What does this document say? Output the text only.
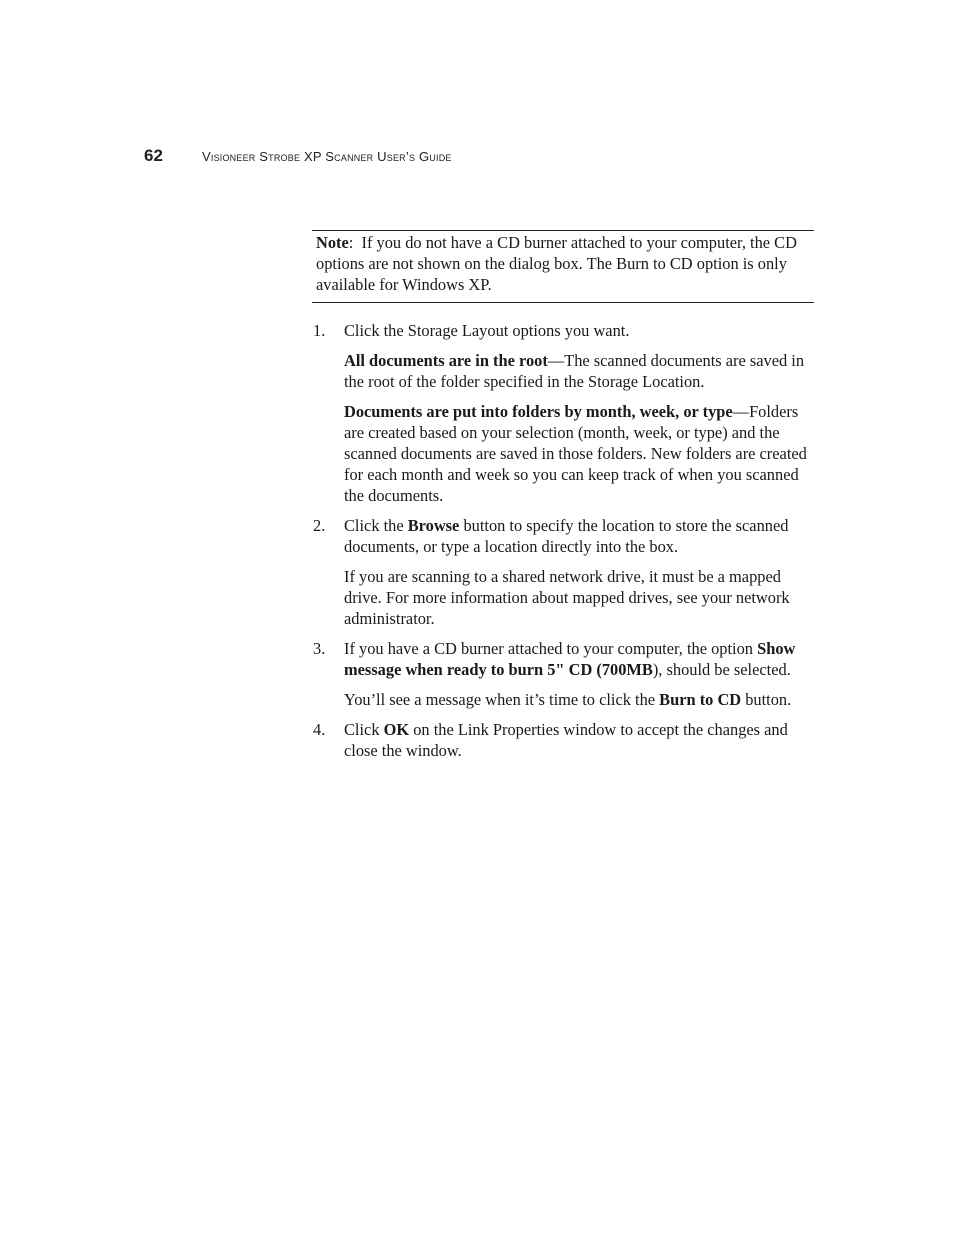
62	Visioneer Strobe XP Scanner User’s Guide
Note:  If you do not have a CD burner attached to your computer, the CD options are not shown on the dialog box. The Burn to CD option is only available for Windows XP.
1.	Click the Storage Layout options you want.

All documents are in the root—The scanned documents are saved in the root of the folder specified in the Storage Location.

Documents are put into folders by month, week, or type—Folders are created based on your selection (month, week, or type) and the scanned documents are saved in those folders. New folders are created for each month and week so you can keep track of when you scanned the documents.

2.	Click the Browse button to specify the location to store the scanned documents, or type a location directly into the box.

If you are scanning to a shared network drive, it must be a mapped drive. For more information about mapped drives, see your network administrator.

3.	If you have a CD burner attached to your computer, the option Show message when ready to burn 5" CD (700MB), should be selected.

You’ll see a message when it’s time to click the Burn to CD button.

4.	Click OK on the Link Properties window to accept the changes and close the window.
